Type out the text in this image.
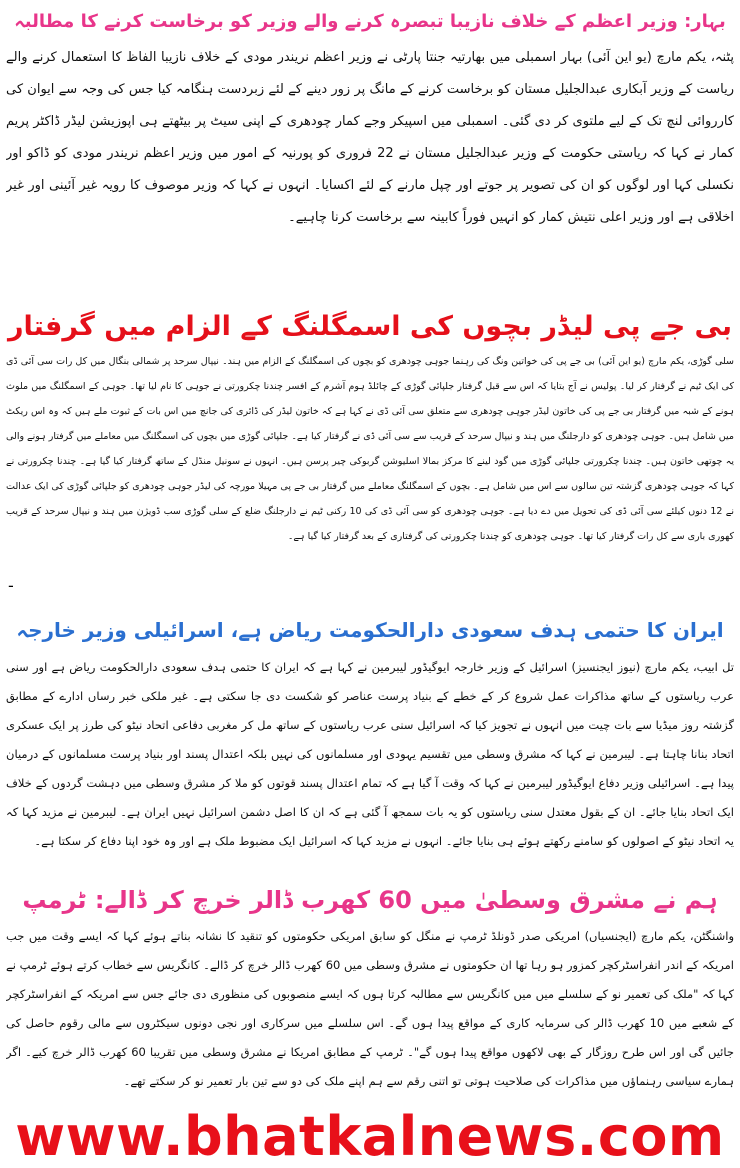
بہار: وزیر اعظم کے خلاف نازیبا تبصرہ کرنے والے وزیر کو برخاست کرنے کا مطالبہ

پٹنہ، یکم مارچ (یو این آئی) بہار اسمبلی میں بھارتیہ جنتا پارٹی نے وزیر اعظم نریندر مودی کے خلاف نازیبا الفاظ کا استعمال کرنے والے ریاست کے وزیر آبکاری عبدالجلیل مستان کو برخاست کرنے کے مانگ پر زور دینے کے لئے زبردست ہنگامہ کیا جس کی وجہ سے ایوان کی کارروائی لنچ تک کے لیے ملتوی کر دی گئی۔ اسمبلی میں اسپیکر وجے کمار چودھری کے اپنی سیٹ پر بیٹھتے ہی اپوزیشن لیڈر ڈاکٹر پریم کمار نے کہا کہ ریاستی حکومت کے وزیر عبدالجلیل مستان نے 22 فروری کو پورنیہ کے امور میں وزیر اعظم نریندر مودی کو ڈاکو اور نکسلی کہا اور لوگوں کو ان کی تصویر پر جوتے اور چپل مارنے کے لئے اکسایا۔ انہوں نے کہا کہ وزیر موصوف کا رویہ غیر آئینی اور غیر اخلاقی ہے اور وزیر اعلی نتیش کمار کو انہیں فوراً کابینہ سے برخاست کرنا چاہیے۔

بی جے پی لیڈر بچوں کی اسمگلنگ کے الزام میں گرفتار

سلی گوڑی، یکم مارچ (یو این آئی) بی جے پی کی خواتین ونگ کی رہنما جوہی چودھری کو بچوں کی اسمگلنگ کے الزام میں ہند۔ نیپال سرحد پر شمالی بنگال میں کل رات سی آئی ڈی کی ایک ٹیم نے گرفتار کر لیا۔ پولیس نے آج بتایا کہ اس سے قبل گرفتار جلپائی گوڑی کے چائلڈ ہوم آشرم کے افسر چندنا چکرورتی نے جوہی کا نام لیا تھا۔ جوہی کے اسمگلنگ میں ملوث ہونے کے شبہ میں گرفتار بی جے پی کی خاتون لیڈر جوہی چودھری سے متعلق سی آئی ڈی نے کہا ہے کہ خاتون لیڈر کی ڈائری کی جانچ میں اس بات کے ثبوت ملے ہیں کہ وہ اس ریکٹ میں شامل ہیں۔ جوہی چودھری کو دارجلنگ میں ہند و نیپال سرحد کے قریب سے سی آئی ڈی نے گرفتار کیا ہے۔ جلپائی گوڑی میں بچوں کی اسمگلنگ میں معاملے میں گرفتار ہونے والی یہ چوتھی خاتون ہیں۔ چندنا چکرورتی جلپائی گوڑی میں گود لینے کا مرکز بمالا اسلیوشن گربوکی چیر پرسن ہیں۔ انہوں نے سونیل منڈل کے ساتھ گرفتار کیا گیا ہے۔ چندنا چکرورتی نے کہا کہ جوہی چودھری گزشتہ تین سالوں سے اس میں شامل ہے۔ بچوں کے اسمگلنگ معاملے میں گرفتار بی جے پی مہیلا مورچہ کی لیڈر جوہی چودھری کو جلپائی گوڑی کی ایک عدالت نے 12 دنوں کیلئے سی آئی ڈی کی تحویل میں دے دیا ہے۔ جوہی چودھری کو سی آئی ڈی کی 10 رکنی ٹیم نے دارجلنگ ضلع کے سلی گوڑی سب ڈویژن میں ہند و نیپال سرحد کے قریب کھوری باری سے کل رات گرفتار کیا تھا۔ جوہی چودھری کو چندنا چکرورتی کی گرفتاری کے بعد گرفتار کیا گیا ہے۔

-
ایران کا حتمی ہدف سعودی دارالحکومت ریاض ہے، اسرائیلی وزیر خارجہ

تل ابیب، یکم مارچ (نیوز ایجنسیز) اسرائیل کے وزیر خارجہ ایوگیڈور لیبرمین نے کہا ہے کہ ایران کا حتمی ہدف سعودی دارالحکومت ریاض ہے اور سنی عرب ریاستوں کے ساتھ مذاکرات عمل شروع کر کے خطے کے بنیاد پرست عناصر کو شکست دی جا سکتی ہے۔ غیر ملکی خبر رساں ادارے کے مطابق گزشتہ روز میڈیا سے بات چیت میں انہوں نے تجویز کیا کہ اسرائیل سنی عرب ریاستوں کے ساتھ مل کر مغربی دفاعی اتحاد نیٹو کی طرز پر ایک عسکری اتحاد بنانا چاہتا ہے۔ لیبرمین نے کہا کہ مشرق وسطی میں تقسیم یہودی اور مسلمانوں کی نہیں بلکہ اعتدال پسند اور بنیاد پرست مسلمانوں کے درمیان پیدا ہے۔ اسرائیلی وزیر دفاع ایوگیڈور لیبرمین نے کہا کہ وقت آ گیا ہے کہ تمام اعتدال پسند قوتوں کو ملا کر مشرق وسطی میں دہشت گردوں کے خلاف ایک اتحاد بنایا جائے۔ ان کے بقول معتدل سنی ریاستوں کو یہ بات سمجھ آ گئی ہے کہ ان کا اصل دشمن اسرائیل نہیں ایران ہے۔ لیبرمین نے مزید کہا کہ یہ اتحاد نیٹو کے اصولوں کو سامنے رکھتے ہوئے ہی بنایا جائے۔ انہوں نے مزید کہا کہ اسرائیل ایک مضبوط ملک ہے اور وہ خود اپنا دفاع کر سکتا ہے۔

ہم نے مشرق وسطیٰ میں 60 کھرب ڈالر خرچ کر ڈالے: ٹرمپ

واشنگٹن، یکم مارچ (ایجنسیاں) امریکی صدر ڈونلڈ ٹرمپ نے منگل کو سابق امریکی حکومتوں کو تنقید کا نشانہ بناتے ہوئے کہا کہ ایسے وقت میں جب امریکہ کے اندر انفراسٹرکچر کمزور ہو رہا تھا ان حکومتوں نے مشرق وسطی میں 60 کھرب ڈالر خرچ کر ڈالے۔ کانگریس سے خطاب کرتے ہوئے ٹرمپ نے کہا کہ "ملک کی تعمیر نو کے سلسلے میں میں کانگریس سے مطالبہ کرتا ہوں کہ ایسے منصوبوں کی منظوری دی جائے جس سے امریکہ کے انفراسٹرکچر کے شعبے میں 10 کھرب ڈالر کی سرمایہ کاری کے مواقع پیدا ہوں گے۔ اس سلسلے میں سرکاری اور نجی دونوں سیکٹروں سے مالی رقوم حاصل کی جائیں گی اور اس طرح روزگار کے بھی لاکھوں مواقع پیدا ہوں گے"۔ ٹرمپ کے مطابق امریکا نے مشرق وسطی میں تقریبا 60 کھرب ڈالر خرچ کیے۔ اگر ہمارے سیاسی رہنماؤں میں مذاکرات کی صلاحیت ہوتی تو اتنی رقم سے ہم اپنے ملک کی دو سے تین بار تعمیر نو کر سکتے تھے۔

www.bhatkalnews.com
